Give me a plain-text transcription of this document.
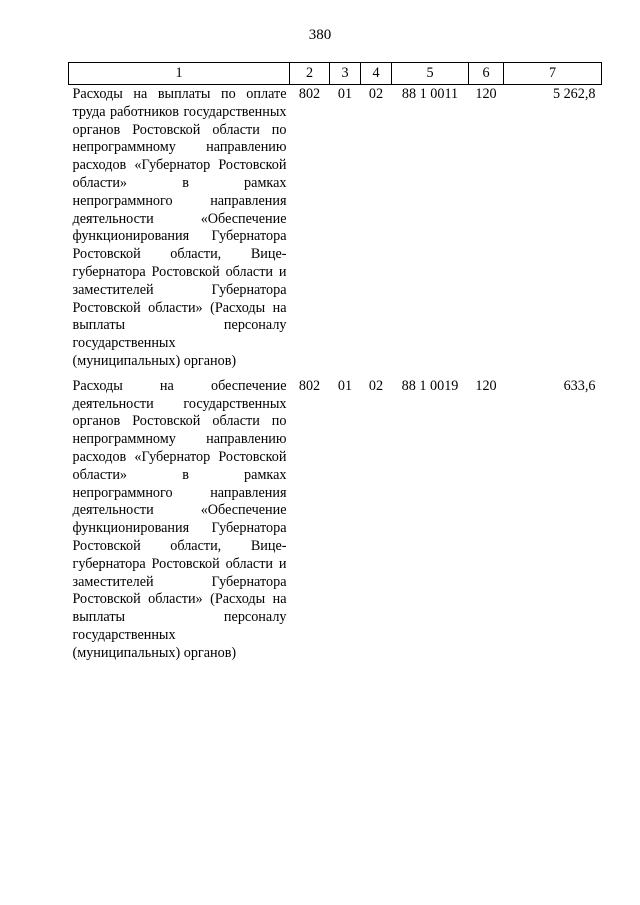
380
1	2	3	4	5	6	7
Расходы на выплаты по оплате труда работников государственных органов Ростовской области по непрограммному направлению расходов «Губернатор Ростовской области» в рамках непрограммного направления деятельности «Обеспечение функционирования Губернатора Ростовской области, Вице-губернатора Ростовской области и заместителей Губернатора Ростовской области» (Расходы на выплаты персоналу государственных (муниципальных) органов)	802	01	02	88 1 0011	120	5 262,8
Расходы на обеспечение деятельности государственных органов Ростовской области по непрограммному направлению расходов «Губернатор Ростовской области» в рамках непрограммного направления деятельности «Обеспечение функционирования Губернатора Ростовской области, Вице-губернатора Ростовской области и заместителей Губернатора Ростовской области» (Расходы на выплаты персоналу государственных (муниципальных) органов)	802	01	02	88 1 0019	120	633,6
